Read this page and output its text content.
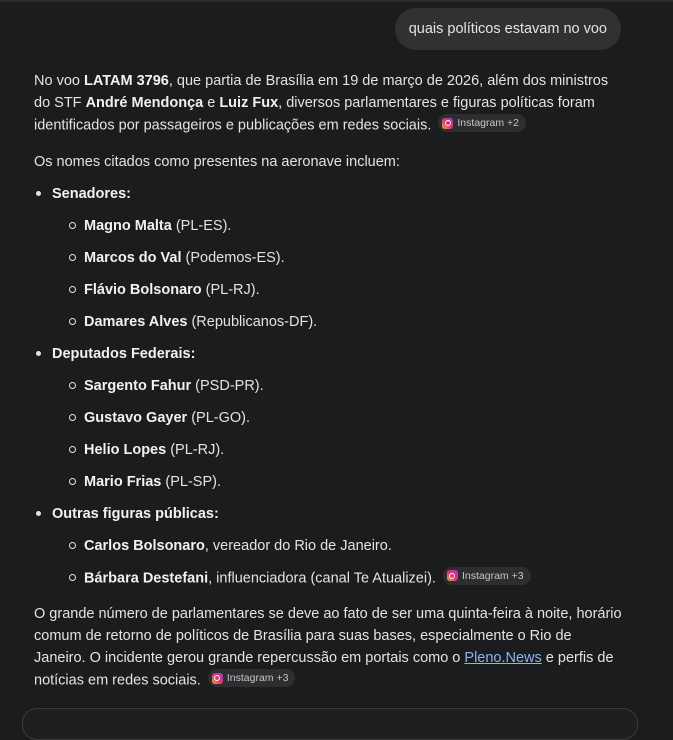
quais políticos estavam no voo

No voo LATAM 3796, que partia de Brasília em 19 de março de 2026, além dos ministros do STF André Mendonça e Luiz Fux, diversos parlamentares e figuras políticas foram identificados por passageiros e publicações em redes sociais. Instagram +2

Os nomes citados como presentes na aeronave incluem:

Senadores:
Magno Malta (PL-ES).
Marcos do Val (Podemos-ES).
Flávio Bolsonaro (PL-RJ).
Damares Alves (Republicanos-DF).
Deputados Federais:
Sargento Fahur (PSD-PR).
Gustavo Gayer (PL-GO).
Helio Lopes (PL-RJ).
Mario Frias (PL-SP).
Outras figuras públicas:
Carlos Bolsonaro, vereador do Rio de Janeiro.
Bárbara Destefani, influenciadora (canal Te Atualizei). Instagram +3

O grande número de parlamentares se deve ao fato de ser uma quinta-feira à noite, horário comum de retorno de políticos de Brasília para suas bases, especialmente o Rio de Janeiro. O incidente gerou grande repercussão em portais como o Pleno.News e perfis de notícias em redes sociais. Instagram +3
